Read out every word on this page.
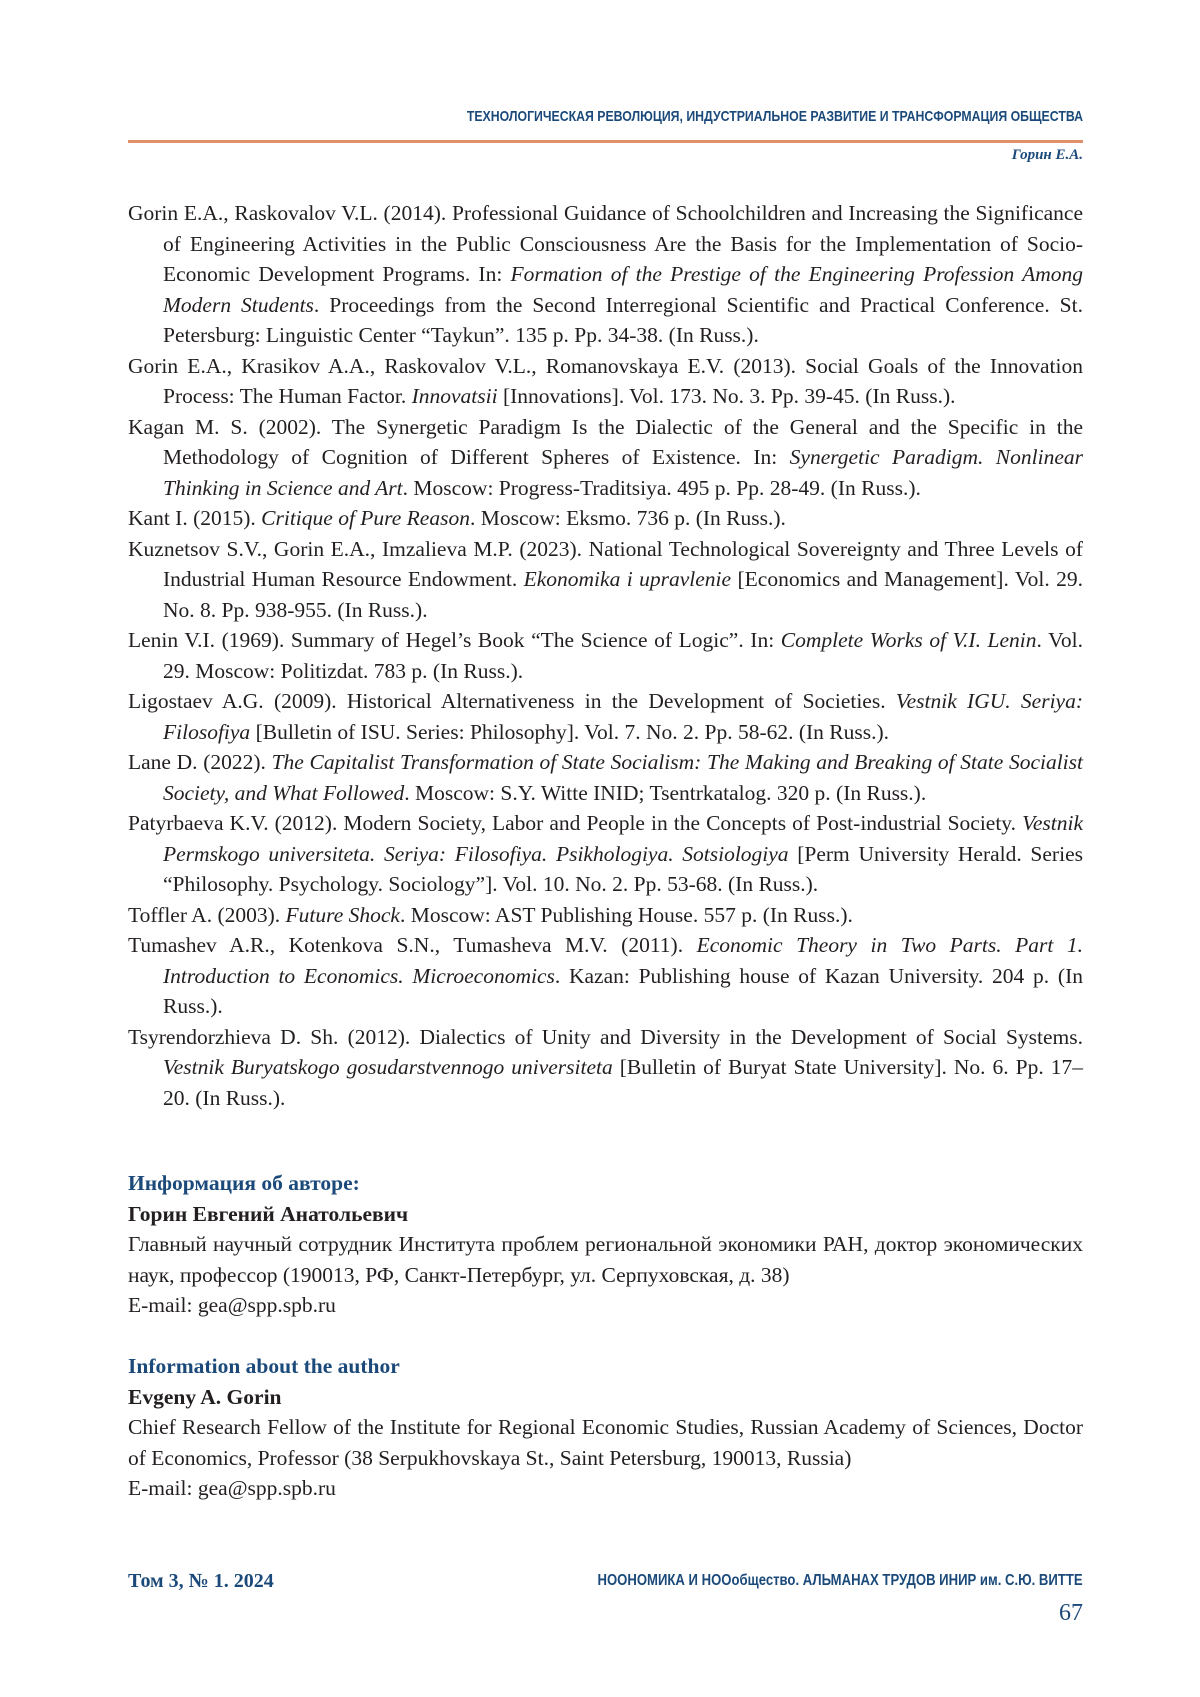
ТЕХНОЛОГИЧЕСКАЯ РЕВОЛЮЦИЯ, ИНДУСТРИАЛЬНОЕ РАЗВИТИЕ И ТРАНСФОРМАЦИЯ ОБЩЕСТВА
Горин Е.А.
Gorin E.A., Raskovalov V.L. (2014). Professional Guidance of Schoolchildren and Increasing the Significance of Engineering Activities in the Public Consciousness Are the Basis for the Implementation of Socio-Economic Development Programs. In: Formation of the Prestige of the Engineering Profession Among Modern Students. Proceedings from the Second Interregional Scientific and Practical Conference. St. Petersburg: Linguistic Center “Taykun”. 135 p. Pp. 34-38. (In Russ.).
Gorin E.A., Krasikov A.A., Raskovalov V.L., Romanovskaya E.V. (2013). Social Goals of the Innovation Process: The Human Factor. Innovatsii [Innovations]. Vol. 173. No. 3. Pp. 39-45. (In Russ.).
Kagan M. S. (2002). The Synergetic Paradigm Is the Dialectic of the General and the Specific in the Methodology of Cognition of Different Spheres of Existence. In: Synergetic Paradigm. Nonlinear Thinking in Science and Art. Moscow: Progress-Traditsiya. 495 p. Pp. 28-49. (In Russ.).
Kant I. (2015). Critique of Pure Reason. Moscow: Eksmo. 736 p. (In Russ.).
Kuznetsov S.V., Gorin E.A., Imzalieva M.P. (2023). National Technological Sovereignty and Three Levels of Industrial Human Resource Endowment. Ekonomika i upravlenie [Economics and Management]. Vol. 29. No. 8. Pp. 938-955. (In Russ.).
Lenin V.I. (1969). Summary of Hegel’s Book “The Science of Logic”. In: Complete Works of V.I. Lenin. Vol. 29. Moscow: Politizdat. 783 p. (In Russ.).
Ligostaev A.G. (2009). Historical Alternativeness in the Development of Societies. Vestnik IGU. Seriya: Filosofiya [Bulletin of ISU. Series: Philosophy]. Vol. 7. No. 2. Pp. 58-62. (In Russ.).
Lane D. (2022). The Capitalist Transformation of State Socialism: The Making and Breaking of State Socialist Society, and What Followed. Moscow: S.Y. Witte INID; Tsentrkatalog. 320 p. (In Russ.).
Patyrbaeva K.V. (2012). Modern Society, Labor and People in the Concepts of Post-industrial Society. Vestnik Permskogo universiteta. Seriya: Filosofiya. Psikhologiya. Sotsiologiya [Perm University Herald. Series “Philosophy. Psychology. Sociology”]. Vol. 10. No. 2. Pp. 53-68. (In Russ.).
Toffler A. (2003). Future Shock. Moscow: AST Publishing House. 557 p. (In Russ.).
Tumashev A.R., Kotenkova S.N., Tumasheva M.V. (2011). Economic Theory in Two Parts. Part 1. Introduction to Economics. Microeconomics. Kazan: Publishing house of Kazan University. 204 p. (In Russ.).
Tsyrendorzhieva D. Sh. (2012). Dialectics of Unity and Diversity in the Development of Social Systems. Vestnik Buryatskogo gosudarstvennogo universiteta [Bulletin of Buryat State University]. No. 6. Pp. 17–20. (In Russ.).
Информация об авторе:
Горин Евгений Анатольевич
Главный научный сотрудник Института проблем региональной экономики РАН, доктор экономических наук, профессор (190013, РФ, Санкт-Петербург, ул. Серпуховская, д. 38)
E-mail: gea@spp.spb.ru
Information about the author
Evgeny A. Gorin
Chief Research Fellow of the Institute for Regional Economic Studies, Russian Academy of Sciences, Doctor of Economics, Professor (38 Serpukhovskaya St., Saint Petersburg, 190013, Russia)
E-mail: gea@spp.spb.ru
Том 3, № 1. 2024	НООНОМИКА И НООобщество. АЛЬМАНАХ ТРУДОВ ИНИР им. С.Ю. ВИТТЕ
67
